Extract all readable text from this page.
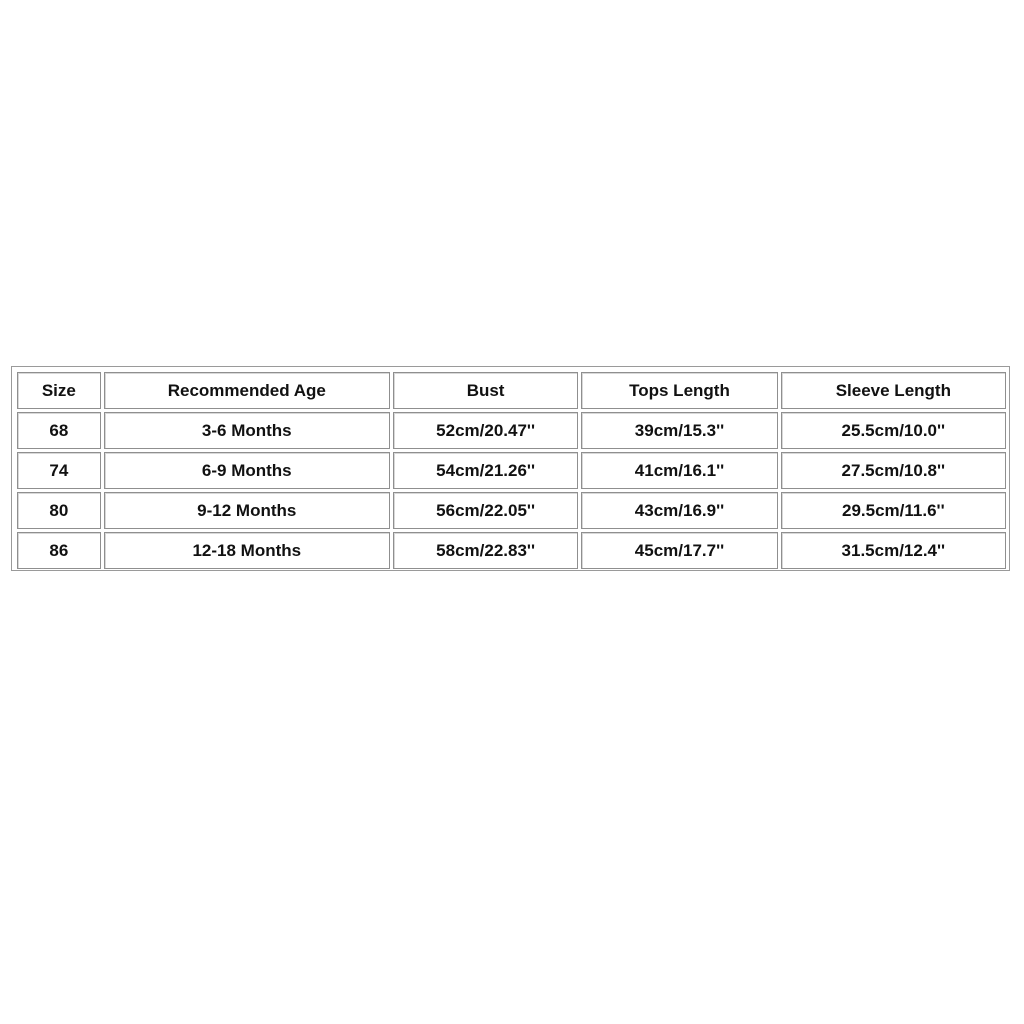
Size	Recommended Age	Bust	Tops Length	Sleeve Length
68	3-6 Months	52cm/20.47''	39cm/15.3''	25.5cm/10.0''
74	6-9 Months	54cm/21.26''	41cm/16.1''	27.5cm/10.8''
80	9-12 Months	56cm/22.05''	43cm/16.9''	29.5cm/11.6''
86	12-18 Months	58cm/22.83''	45cm/17.7''	31.5cm/12.4''
